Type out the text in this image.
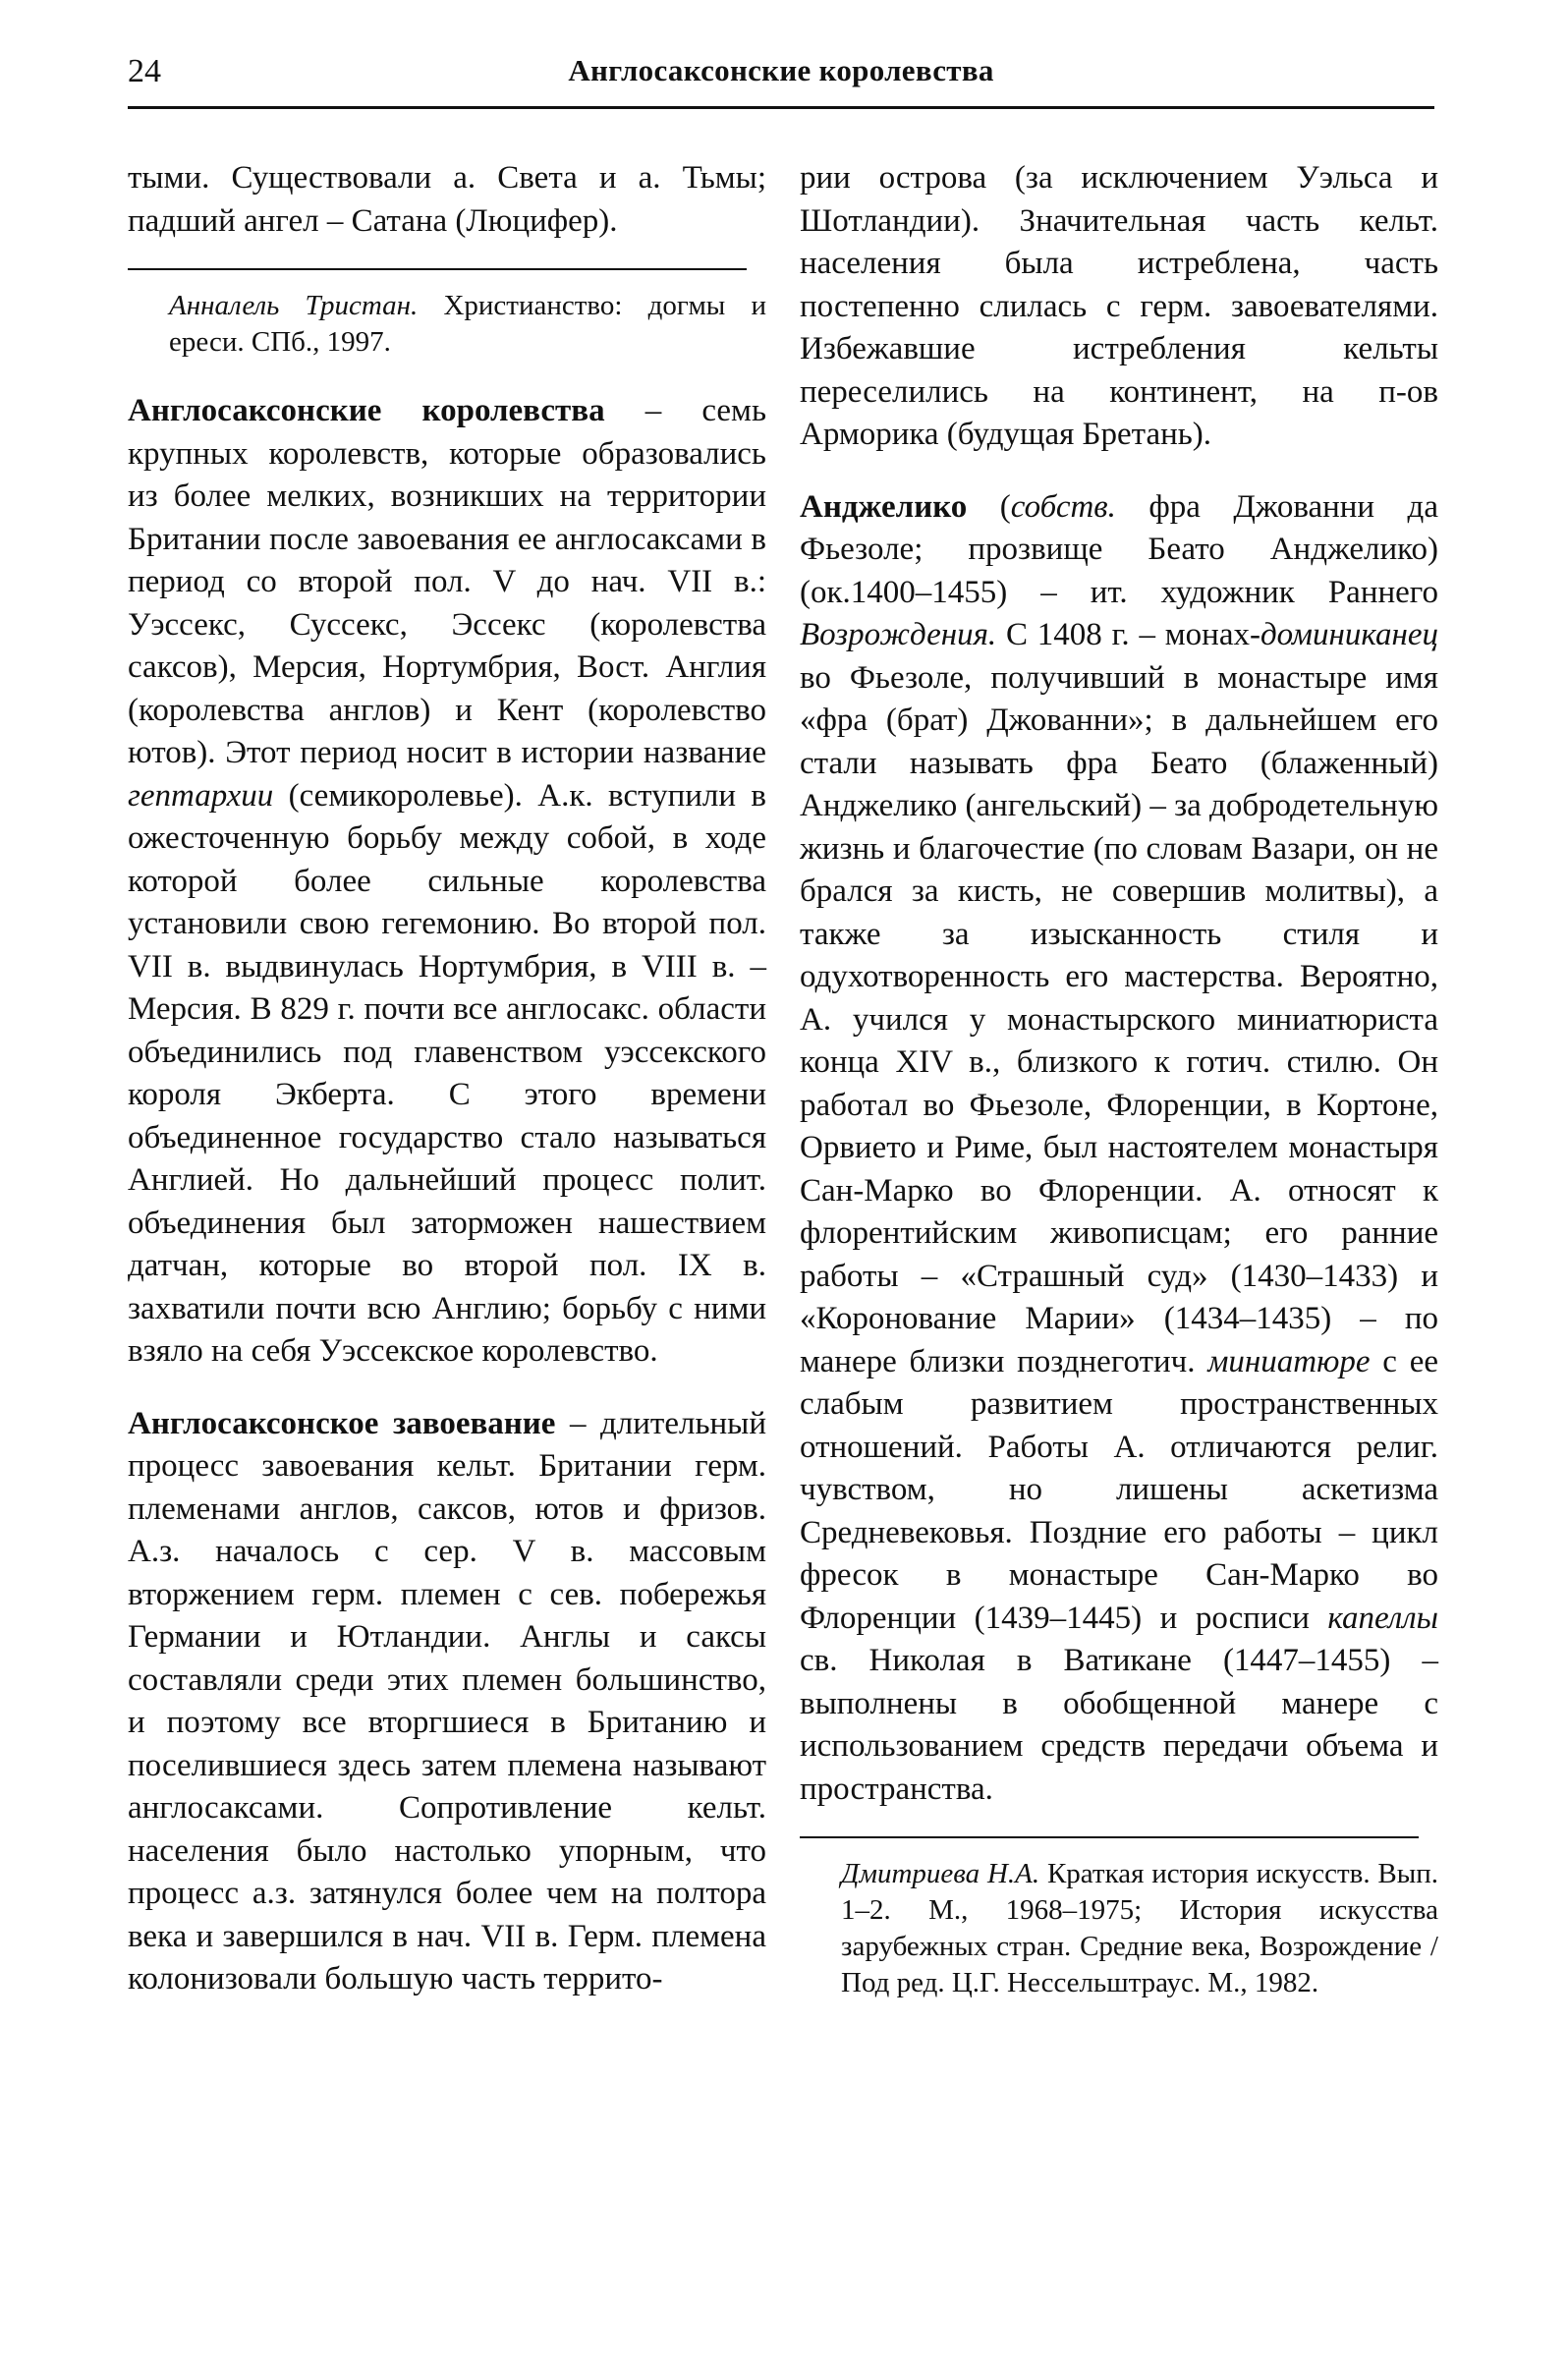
24	Англосаксонские королевства

тыми. Существовали а. Света и а. Тьмы; падший ангел – Сатана (Люцифер).

Анналель Тристан. Христианство: догмы и ереси. СПб., 1997.

Англосаксонские королевства – семь крупных королевств, которые образовались из более мелких, возникших на территории Британии после завоевания ее англосаксами в период со второй пол. V до нач. VII в.: Уэссекс, Суссекс, Эссекс (королевства саксов), Мерсия, Нортумбрия, Вост. Англия (королевства англов) и Кент (королевство ютов). Этот период носит в истории название гептархии (семикоролевье). А.к. вступили в ожесточенную борьбу между собой, в ходе которой более сильные королевства установили свою гегемонию. Во второй пол. VII в. выдвинулась Нортумбрия, в VIII в. – Мерсия. В 829 г. почти все англосакс. области объединились под главенством уэссекского короля Экберта. С этого времени объединенное государство стало называться Англией. Но дальнейший процесс полит. объединения был заторможен нашествием датчан, которые во второй пол. IX в. захватили почти всю Англию; борьбу с ними взяло на себя Уэссекское королевство.

Англосаксонское завоевание – длительный процесс завоевания кельт. Британии герм. племенами англов, саксов, ютов и фризов. А.з. началось с сер. V в. массовым вторжением герм. племен с сев. побережья Германии и Ютландии. Англы и саксы составляли среди этих племен большинство, и поэтому все вторгшиеся в Британию и поселившиеся здесь затем племена называют англосаксами. Сопротивление кельт. населения было настолько упорным, что процесс а.з. затянулся более чем на полтора века и завершился в нач. VII в. Герм. племена колонизовали большую часть террито-

рии острова (за исключением Уэльса и Шотландии). Значительная часть кельт. населения была истреблена, часть постепенно слилась с герм. завоевателями. Избежавшие истребления кельты переселились на континент, на п-ов Арморика (будущая Бретань).

Анджелико (собств. фра Джованни да Фьезоле; прозвище Беато Анджелико) (ок.1400–1455) – ит. художник Раннего Возрождения. С 1408 г. – монах-доминиканец во Фьезоле, получивший в монастыре имя «фра (брат) Джованни»; в дальнейшем его стали называть фра Беато (блаженный) Анджелико (ангельский) – за добродетельную жизнь и благочестие (по словам Вазари, он не брался за кисть, не совершив молитвы), а также за изысканность стиля и одухотворенность его мастерства. Вероятно, А. учился у монастырского миниатюриста конца XIV в., близкого к готич. стилю. Он работал во Фьезоле, Флоренции, в Кортоне, Орвието и Риме, был настоятелем монастыря Сан-Марко во Флоренции. А. относят к флорентийским живописцам; его ранние работы – «Страшный суд» (1430–1433) и «Коронование Марии» (1434–1435) – по манере близки позднеготич. миниатюре с ее слабым развитием пространственных отношений. Работы А. отличаются религ. чувством, но лишены аскетизма Средневековья. Поздние его работы – цикл фресок в монастыре Сан-Марко во Флоренции (1439–1445) и росписи капеллы св. Николая в Ватикане (1447–1455) – выполнены в обобщенной манере с использованием средств передачи объема и пространства.

Дмитриева Н.А. Краткая история искусств. Вып. 1–2. М., 1968–1975; История искусства зарубежных стран. Средние века, Возрождение / Под ред. Ц.Г. Нессельштраус. М., 1982.
